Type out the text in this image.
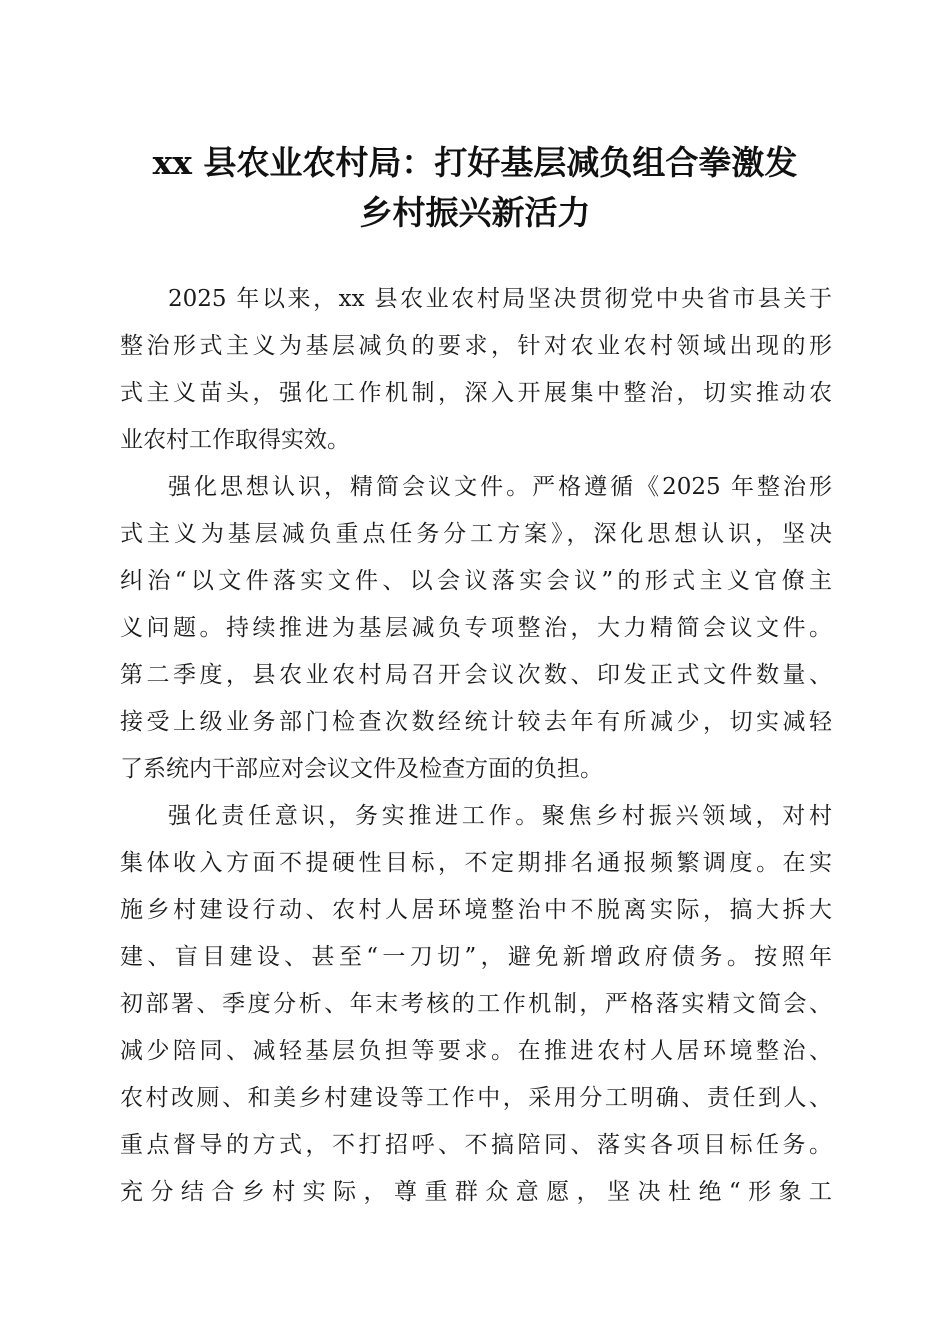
xx 县农业农村局：打好基层减负组合拳激发
乡村振兴新活力
2025 年以来，xx 县农业农村局坚决贯彻党中央省市县关于
整治形式主义为基层减负的要求，针对农业农村领域出现的形
式主义苗头，强化工作机制，深入开展集中整治，切实推动农
业农村工作取得实效。
强化思想认识，精简会议文件。严格遵循《2025 年整治形
式主义为基层减负重点任务分工方案》，深化思想认识，坚决
纠治“以文件落实文件、以会议落实会议”的形式主义官僚主
义问题。持续推进为基层减负专项整治，大力精简会议文件。
第二季度，县农业农村局召开会议次数、印发正式文件数量、
接受上级业务部门检查次数经统计较去年有所减少，切实减轻
了系统内干部应对会议文件及检查方面的负担。
强化责任意识，务实推进工作。聚焦乡村振兴领域，对村
集体收入方面不提硬性目标，不定期排名通报频繁调度。在实
施乡村建设行动、农村人居环境整治中不脱离实际，搞大拆大
建、盲目建设、甚至“一刀切”，避免新增政府债务。按照年
初部署、季度分析、年末考核的工作机制，严格落实精文简会、
减少陪同、减轻基层负担等要求。在推进农村人居环境整治、
农村改厕、和美乡村建设等工作中，采用分工明确、责任到人、
重点督导的方式，不打招呼、不搞陪同、落实各项目标任务。
充分结合乡村实际，尊重群众意愿，坚决杜绝“形象工
